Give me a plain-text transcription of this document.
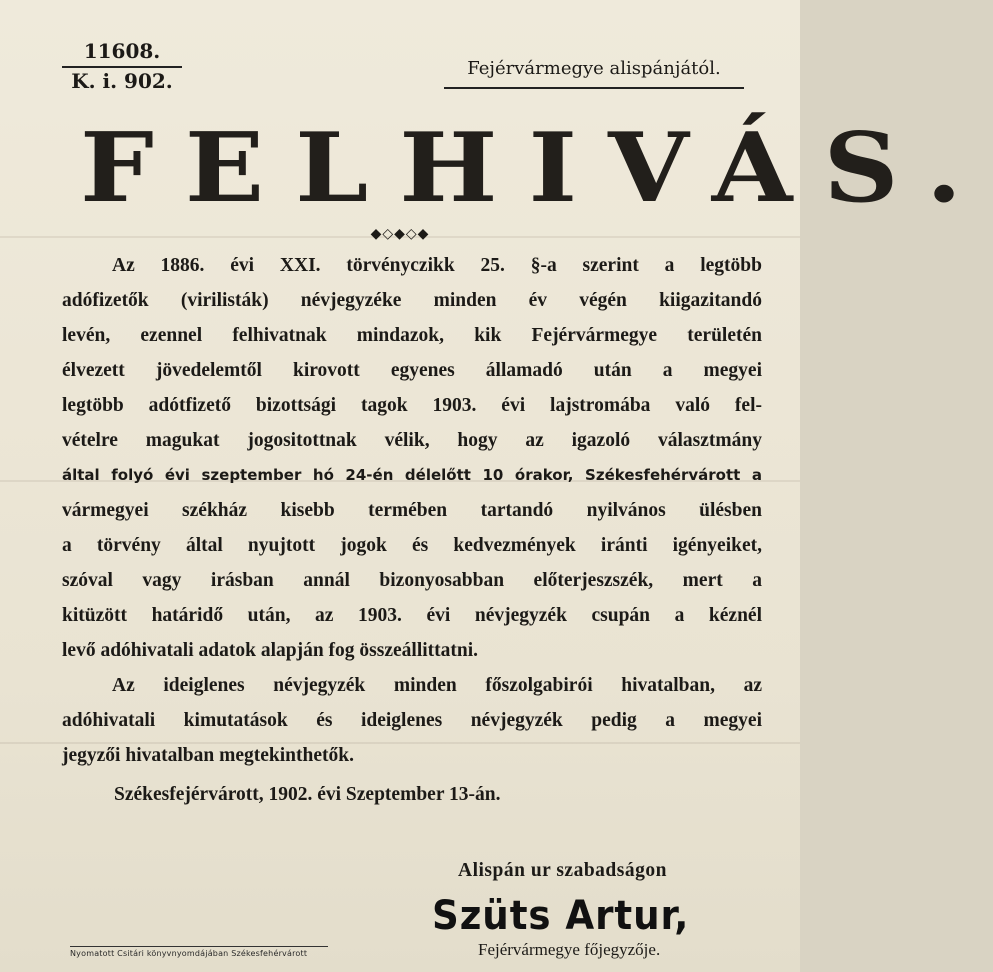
11608.
K. i. 902.
Fejérvármegye alispánjától.
FELHIVÁS.
◆◇◆◇◆

Az 1886. évi XXI. törvényczikk 25. §-a szerint a legtöbb
adófizetők (virilisták) névjegyzéke minden év végén kiigazitandó
levén, ezennel felhivatnak mindazok, kik Fejérvármegye területén
élvezett jövedelemtől kirovott egyenes államadó után a megyei
legtöbb adótfizető bizottsági tagok 1903. évi lajstromába való fel-
vételre magukat jogositottnak vélik, hogy az igazoló választmány
által folyó évi szeptember hó 24-én délelőtt 10 órakor, Székesfehérvárott a
vármegyei székház kisebb termében tartandó nyilvános ülésben
a törvény által nyujtott jogok és kedvezmények iránti igényeiket,
szóval vagy irásban annál bizonyosabban előterjeszszék, mert a
kitüzött határidő után, az 1903. évi névjegyzék csupán a kéznél
levő adóhivatali adatok alapján fog összeállittatni.

Az ideiglenes névjegyzék minden főszolgabirói hivatalban, az
adóhivatali kimutatások és ideiglenes névjegyzék pedig a megyei
jegyzői hivatalban megtekinthetők.

Székesfejérvárott, 1902. évi Szeptember 13-án.
Alispán ur szabadságon
Szüts Artur,
Fejérvármegye főjegyzője.
Nyomatott Csitári könyvnyomdájában Székesfehérvárott
